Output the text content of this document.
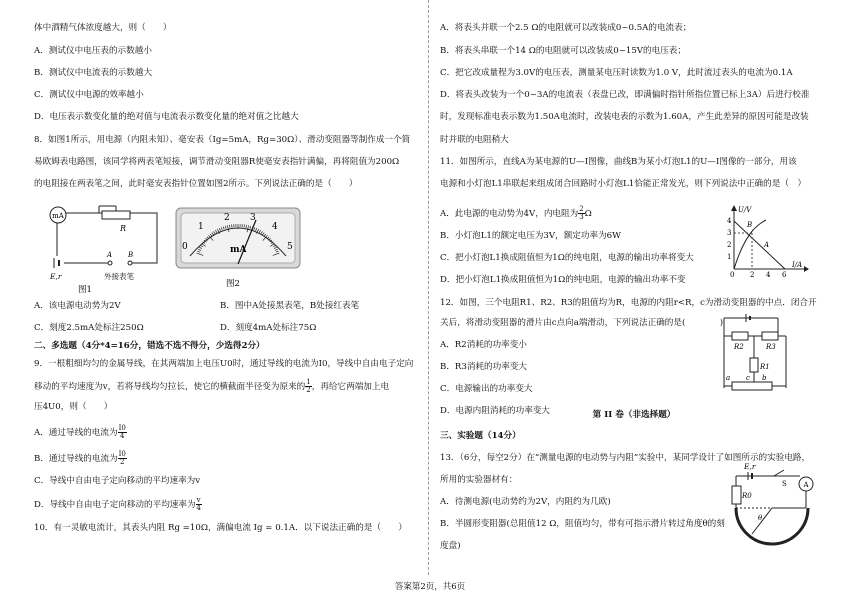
体中酒精气体浓度越大，则（　　）
A．测试仪中电压表的示数越小
B．测试仪中电流表的示数越大
C．测试仪中电源的效率越小
D．电压表示数变化量的绝对值与电流表示数变化量的绝对值之比越大
8．如图1所示，用电源（内阻未知）、毫安表（Ig=5mA，Rg=30Ω）、滑动变阻器等制作成一个简
易欧姆表电路图，该同学将两表笔短接，调节滑动变阻器R使毫安表指针满偏，再将阻值为200Ω
的电阻接在两表笔之间，此时毫安表指针位置如图2所示。下列说法正确的是（　　）
mA
R
E,r
A B
外接表笔
图1
0
1
2 3
4
5
mA
图2
A．该电源电动势为2V	B．图中A处接黑表笔，B处接红表笔
C．刻度2.5mA处标注250Ω	D．刻度4mA处标注75Ω
二、多选题（4分*4=16分，错选不选不得分，少选得2分）
9．一根粗细均匀的金属导线，在其两端加上电压U0时，通过导线的电流为I0，导线中自由电子定向
移动的平均速度为v，若将导线均匀拉长，使它的横截面半径变为原来的 $\frac{1}{2}$ ，再给它两端加上电
压4U0，则（　　）
A．通过导线的电流为 $\frac{I0}{4}$
B．通过导线的电流为 $\frac{I0}{2}$
C．导线中自由电子定向移动的平均速率为v
D．导线中自由电子定向移动的平均速率为 $\frac{v}{4}$
10．有一灵敏电流计，其表头内阻 Rg =10Ω，满偏电流 Ig = 0.1A．以下说法正确的是（　　）
A．将表头并联一个2.5 Ω的电阻就可以改装成0~0.5A的电流表；
B．将表头串联一个14 Ω的电阻就可以改装成0~15V的电压表；
C．把它改成量程为3.0V的电压表，测量某电压时读数为1.0 V，此时流过表头的电流为0.1A
D．将表头改装为一个0~3A的电流表（表盘已改，即满偏时指针所指位置已标上3A）后进行校准
时，发现标准电表示数为1.50A电流时，改装电表的示数为1.60A，产生此差异的原因可能是改装
时并联的电阻稍大
11．如图所示，直线A为某电源的U—I图像，曲线B为某小灯泡L1的U—I图像的一部分，用该
电源和小灯泡L1串联起来组成闭合回路时小灯泡L1恰能正常发光，则下列说法中正确的是（　）
A．此电源的电动势为4V，内电阻为 $\frac{2}{3}$ Ω
B．小灯泡L1的额定电压为3V，额定功率为6W
C．把小灯泡L1换成阻值恒为1Ω的纯电阻，电源的输出功率将变大
D．把小灯泡L1换成阻值恒为1Ω的纯电阻，电源的输出功率不变
U/V
I/A
1
2
3
4
0 2 4 6
B
A
12．如图，三个电阻R1、R2、R3的阻值均为R，电源的内阻r<R，c为滑动变阻器的中点．闭合开
关后，将滑动变阻器的滑片由c点向a端滑动，下列说法正确的是(　　　　)
A．R2消耗的功率变小
B．R3消耗的功率变大
C．电源输出的功率变大
D．电源内阻消耗的功率变大
R2	R3
R1
a c b
第 II 卷（非选择题）
三、实验题（14分）
13．（6分，每空2分）在“测量电源的电动势与内阻”实验中，某同学设计了如图所示的实验电路，
所用的实验器材有：
A．待测电源(电动势约为2V，内阻约为几欧)
B．半圆形变阻器(总阻值12 Ω，阻值均匀，带有可指示滑片转过角度θ的刻
度盘)
E,r
S A
R0
θ
答案第2页，共6页
